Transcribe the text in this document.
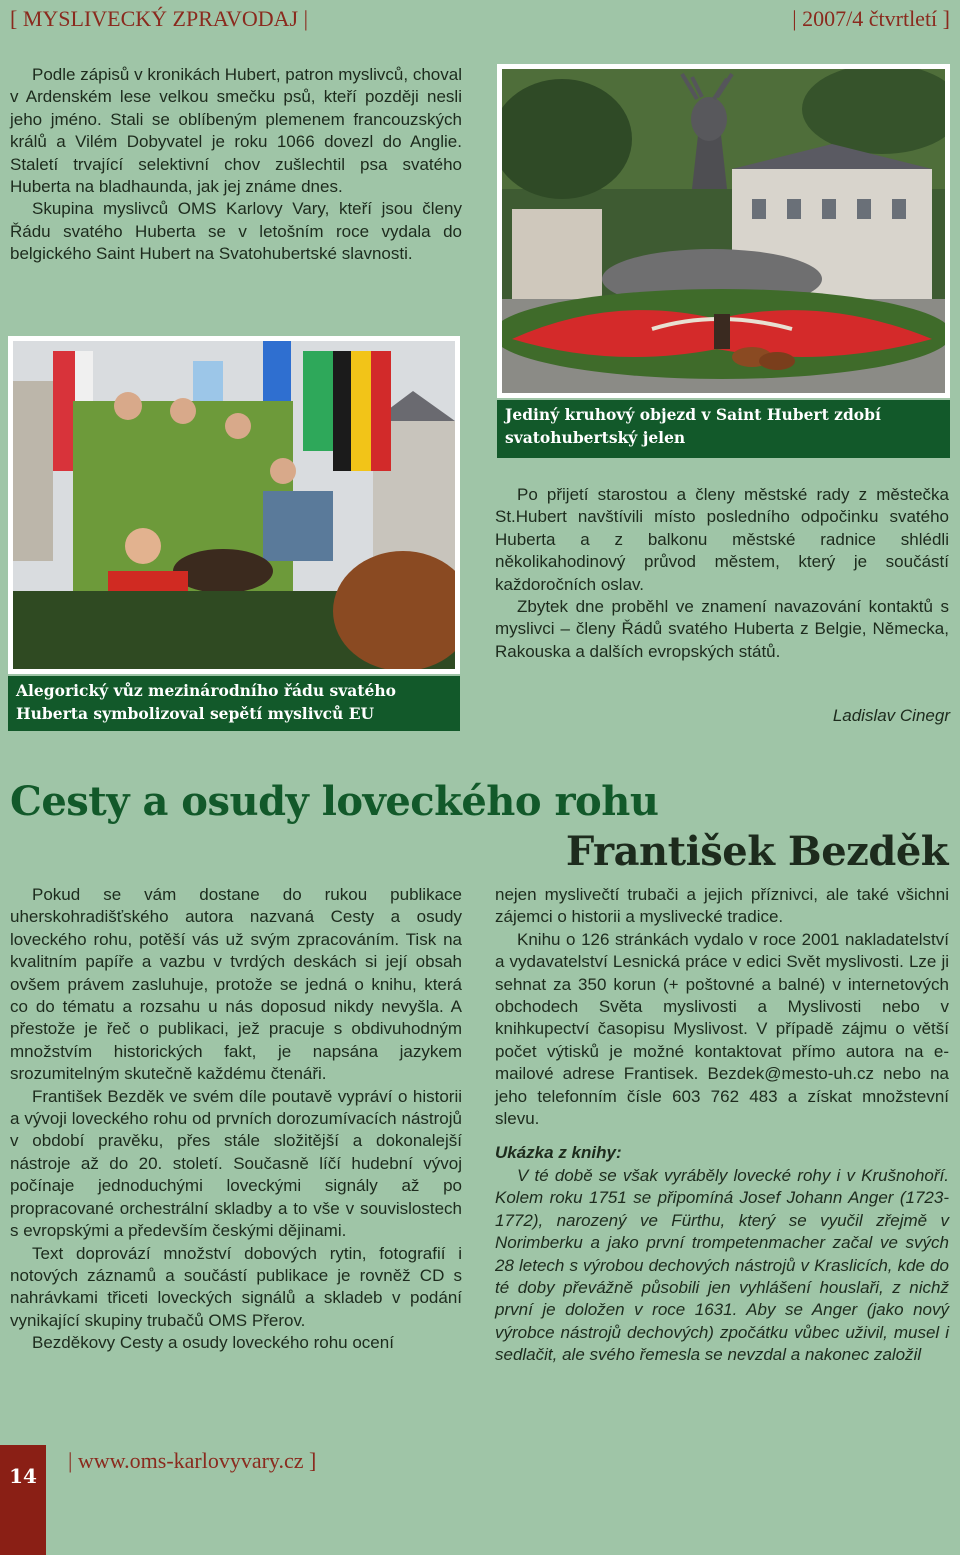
[ MYSLIVECKÝ ZPRAVODAJ |	| 2007/4 čtvrtletí ]

Podle zápisů v kronikách Hubert, patron myslivců, choval v Ardenském lese velkou smečku psů, kteří později nesli jeho jméno. Stali se oblíbeným plemenem francouzských králů a Vilém Dobyvatel je roku 1066 dovezl do Anglie. Staletí trvající selektivní chov zušlechtil psa svatého Huberta na bladhaunda, jak jej známe dnes.

Skupina myslivců OMS Karlovy Vary, kteří jsou členy Řádu svatého Huberta se v letošním roce vydala do belgického Saint Hubert na Svatohubertské slavnosti.

Jediný kruhový objezd v Saint Hubert zdobí svatohubertský jelen
Alegorický vůz mezinárodního řádu svatého Huberta symbolizoval sepětí myslivců EU

Po přijetí starostou a členy městské rady z městečka St.Hubert navštívili místo posledního odpočinku svatého Huberta a z balkonu městské radnice shlédli několikahodinový průvod městem, který je součástí každoročních oslav.

Zbytek dne proběhl ve znamení navazování kontaktů s myslivci – členy Řádů svatého Huberta z Belgie, Německa, Rakouska a dalších evropských států.

Ladislav Cinegr
Cesty a osudy loveckého rohu
František Bezděk

Pokud se vám dostane do rukou publikace uherskohradišťského autora nazvaná Cesty a osudy loveckého rohu, potěší vás už svým zpracováním. Tisk na kvalitním papíře a vazbu v tvrdých deskách si její obsah ovšem právem zasluhuje, protože se jedná o knihu, která co do tématu a rozsahu u nás doposud nikdy nevyšla. A přestože je řeč o publikaci, jež pracuje s obdivuhodným množstvím historických fakt, je napsána jazykem srozumitelným skutečně každému čtenáři.

František Bezděk ve svém díle poutavě vypráví o historii a vývoji loveckého rohu od prvních dorozumívacích nástrojů v období pravěku, přes stále složitější a dokonalejší nástroje až do 20. století. Současně líčí hudební vývoj počínaje jednoduchými loveckými signály až po propracované orchestrální skladby a to vše v souvislostech s evropskými a především českými dějinami.

Text doprovází množství dobových rytin, fotografií i notových záznamů a součástí publikace je rovněž CD s nahrávkami třiceti loveckých signálů a skladeb v podání vynikající skupiny trubačů OMS Přerov.

Bezděkovy Cesty a osudy loveckého rohu ocení

nejen myslivečtí trubači a jejich příznivci, ale také všichni zájemci o historii a myslivecké tradice.

Knihu o 126 stránkách vydalo v roce 2001 nakladatelství a vydavatelství Lesnická práce v edici Svět myslivosti. Lze ji sehnat za 350 korun (+ poštovné a balné) v internetových obchodech Světa myslivosti a Myslivosti nebo v knihkupectví časopisu Myslivost. V případě zájmu o větší počet výtisků je možné kontaktovat přímo autora na e-mailové adrese Frantisek. Bezdek@mesto-uh.cz nebo na jeho telefonním čísle 603 762 483 a získat množstevní slevu.

Ukázka z knihy:

V té době se však vyráběly lovecké rohy i v Krušnohoří. Kolem roku 1751 se připomíná Josef Johann Anger (1723-1772), narozený ve Fürthu, který se vyučil zřejmě v Norimberku a jako první trompetenmacher začal ve svých 28 letech s výrobou dechových nástrojů v Kraslicích, kde do té doby převážně působili jen vyhlášení houslaři, z nichž první je doložen v roce 1631. Aby se Anger (jako nový výrobce nástrojů dechových) zpočátku vůbec uživil, musel i sedlačit, ale svého řemesla se nevzdal a nakonec založil

14
| www.oms-karlovyvary.cz ]
